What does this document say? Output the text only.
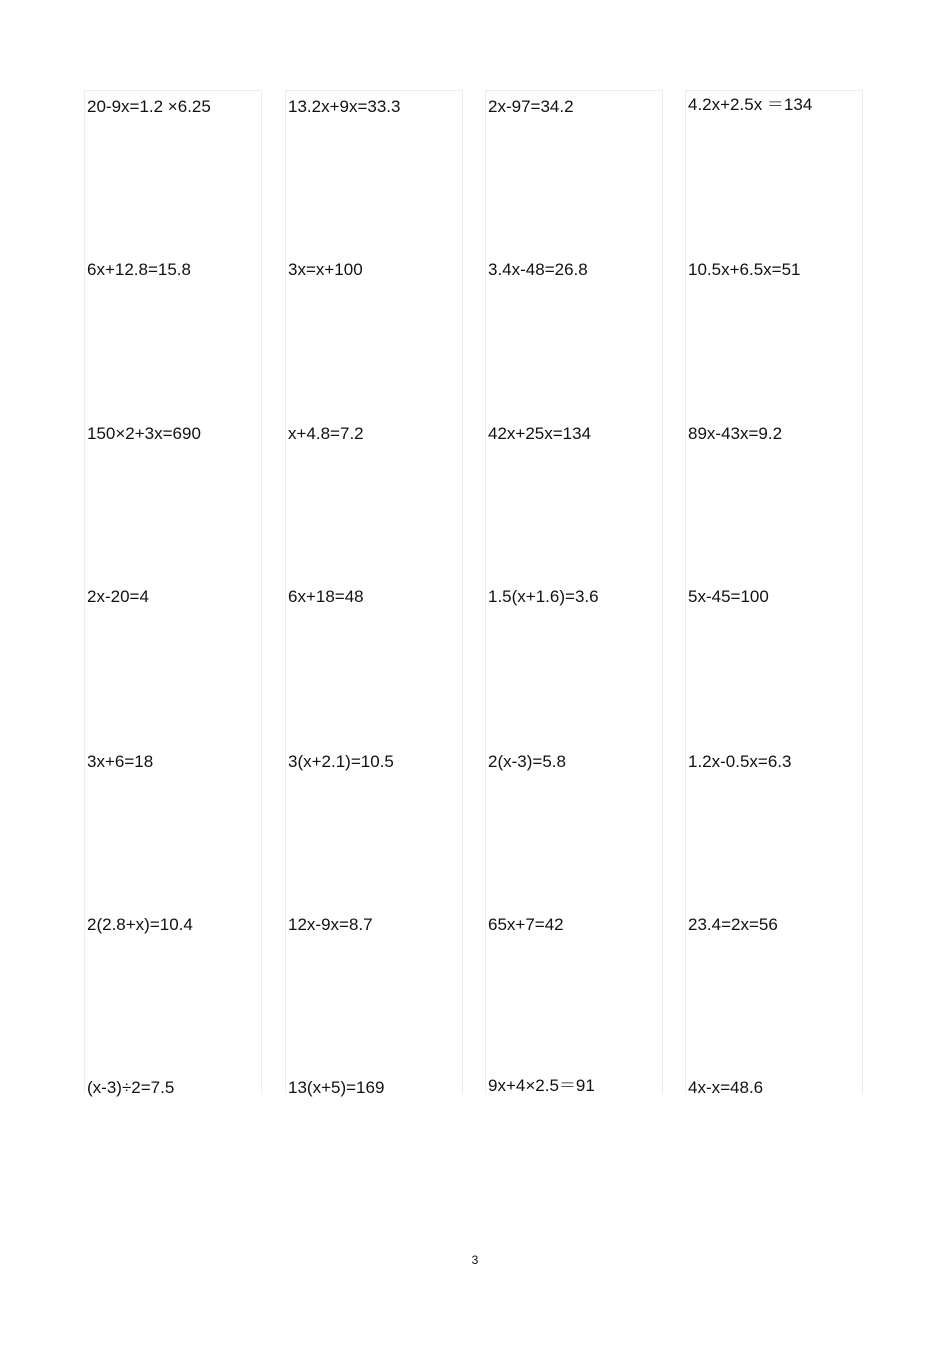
20-9x=1.2 ×6.25
6x+12.8=15.8
150×2+3x=690
2x-20=4
3x+6=18
2(2.8+x)=10.4
(x-3)÷2=7.5
13.2x+9x=33.3
3x=x+100
x+4.8=7.2
6x+18=48
3(x+2.1)=10.5
12x-9x=8.7
13(x+5)=169
2x-97=34.2
3.4x-48=26.8
42x+25x=134
1.5(x+1.6)=3.6
2(x-3)=5.8
65x+7=42
9x+4×2.5＝91
4.2x+2.5x ＝134
10.5x+6.5x=51
89x-43x=9.2
5x-45=100
1.2x-0.5x=6.3
23.4=2x=56
4x-x=48.6
3
